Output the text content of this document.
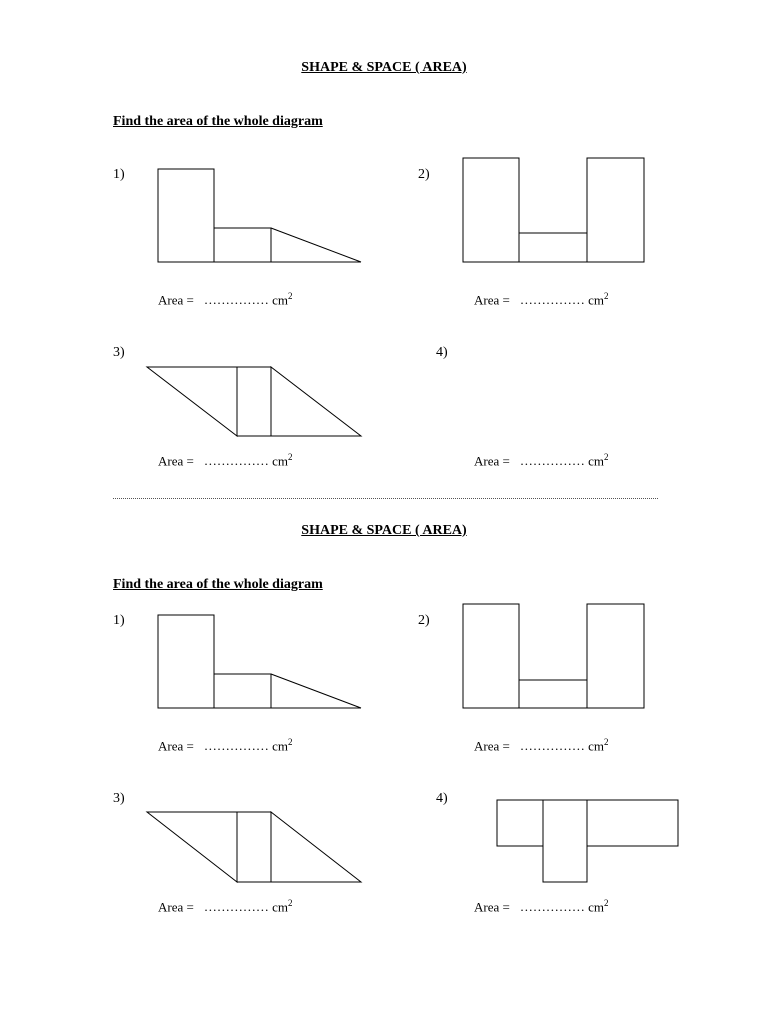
SHAPE & SPACE ( AREA)
Find the area of the whole diagram
1)	2)
3)	4)
Area = …………… $cm^2$	Area = …………… $cm^2$
Area = …………… $cm^2$	Area = …………… $cm^2$
SHAPE & SPACE ( AREA)
Find the area of the whole diagram
1)	2)
3)	4)
Area = …………… $cm^2$	Area = …………… $cm^2$
Area = …………… $cm^2$	Area = …………… $cm^2$
